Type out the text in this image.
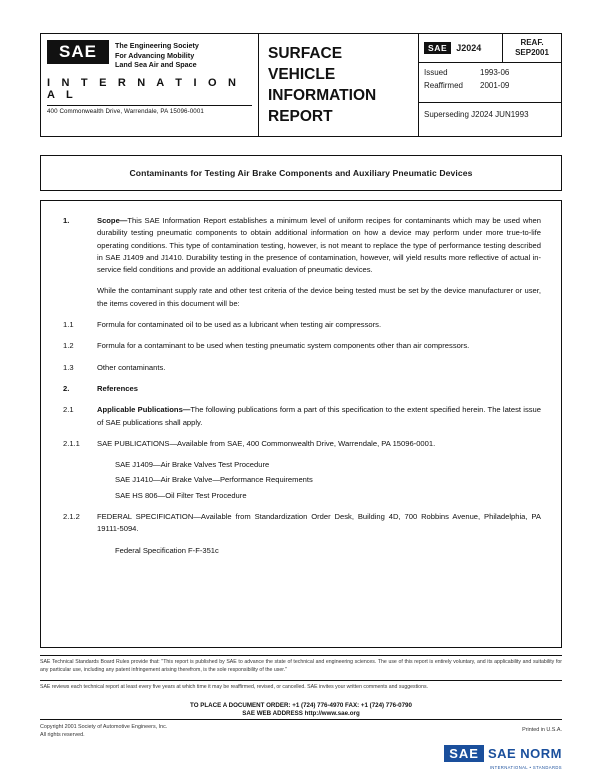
SAE	The Engineering Society
For Advancing Mobility
Land Sea Air and Space
I N T E R N A T I O N A L
400 Commonwealth Drive, Warrendale, PA 15096-0001
SURFACE
VEHICLE
INFORMATION
REPORT
SAE	J2024
REAF.
SEP2001
Issued	1993-06
Reaffirmed 2001-09
Superseding J2024 JUN1993
Contaminants for Testing Air Brake Components and Auxiliary Pneumatic Devices
1.	Scope—This SAE Information Report establishes a minimum level of uniform recipes for contaminants which may be used when durability testing pneumatic components to obtain additional information on how a device may perform under more true-to-life operating conditions. This type of contamination testing, however, is not meant to replace the type of performance testing described in SAE J1409 and J1410. Durability testing in the presence of contamination, however, will yield results more reflective of actual in-service field conditions and provide an additional evaluation of pneumatic devices.
While the contaminant supply rate and other test criteria of the device being tested must be set by the device manufacturer or user, the items covered in this document will be:
1.1	Formula for contaminated oil to be used as a lubricant when testing air compressors.
1.2	Formula for a contaminant to be used when testing pneumatic system components other than air compressors.
1.3	Other contaminants.
2.	References
2.1	Applicable Publications—The following publications form a part of this specification to the extent specified herein. The latest issue of SAE publications shall apply.
2.1.1	SAE PUBLICATIONS—Available from SAE, 400 Commonwealth Drive, Warrendale, PA 15096-0001.
SAE J1409—Air Brake Valves Test Procedure
SAE J1410—Air Brake Valve—Performance Requirements
SAE HS 806—Oil Filter Test Procedure
2.1.2	FEDERAL SPECIFICATION—Available from Standardization Order Desk, Building 4D, 700 Robbins Avenue, Philadelphia, PA 19111-5094.
Federal Specification F-F-351c
SAE Technical Standards Board Rules provide that: "This report is published by SAE to advance the state of technical and engineering sciences. The use of this report is entirely voluntary, and its applicability and suitability for any particular use, including any patent infringement arising therefrom, is the sole responsibility of the user."
SAE reviews each technical report at least every five years at which time it may be reaffirmed, revised, or cancelled. SAE invites your written comments and suggestions.
TO PLACE A DOCUMENT ORDER: +1 (724) 776-4970 FAX: +1 (724) 776-0790
SAE WEB ADDRESS http://www.sae.org
Copyright 2001 Society of Automotive Engineers, Inc.
All rights reserved.
Printed in U.S.A.
SAE SAE NORM
INTERNATIONAL • STANDARDS
